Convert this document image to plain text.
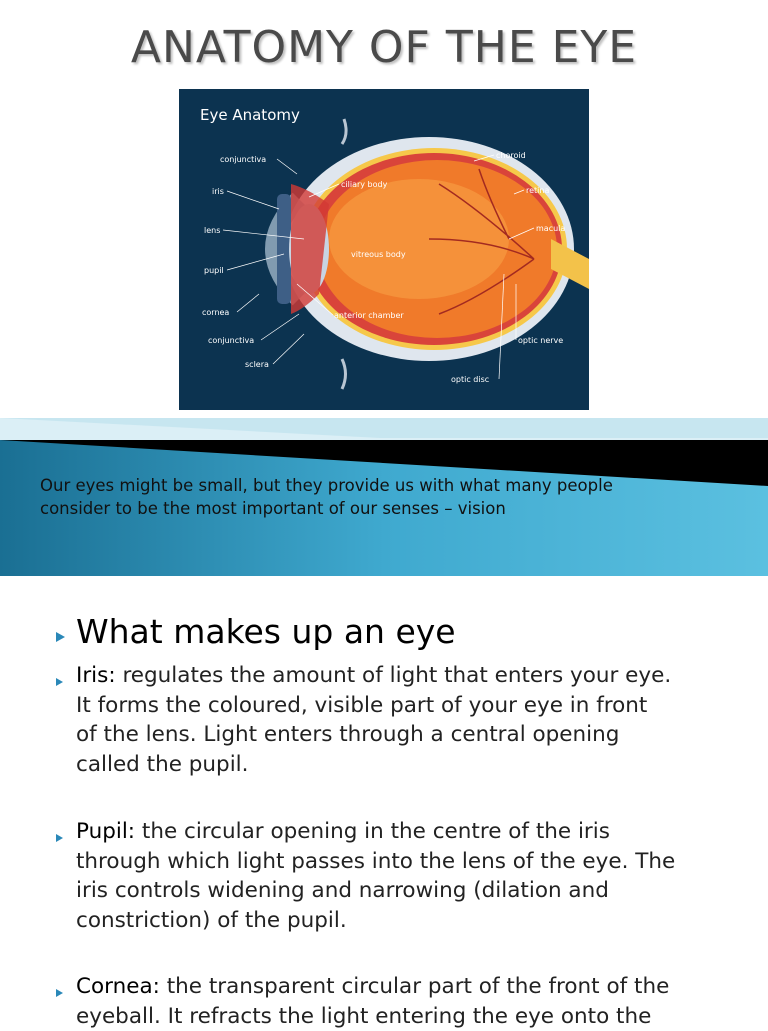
ANATOMY OF THE EYE
Eye Anatomy
conjunctiva
iris
lens
pupil
cornea
conjunctiva
sclera
ciliary body
vitreous body
anterior chamber
choroid
retina
macula
optic nerve
optic disc
Our eyes might be small, but they provide us with what many people
consider to be the most important of our senses – vision
What makes up an eye
Iris: regulates the amount of light that enters your eye.
It forms the coloured, visible part of your eye in front
of the lens. Light enters through a central opening
called the pupil.
Pupil: the circular opening in the centre of the iris
through which light passes into the lens of the eye. The
iris controls widening and narrowing (dilation and
constriction) of the pupil.
Cornea: the transparent circular part of the front of the
eyeball. It refracts the light entering the eye onto the
